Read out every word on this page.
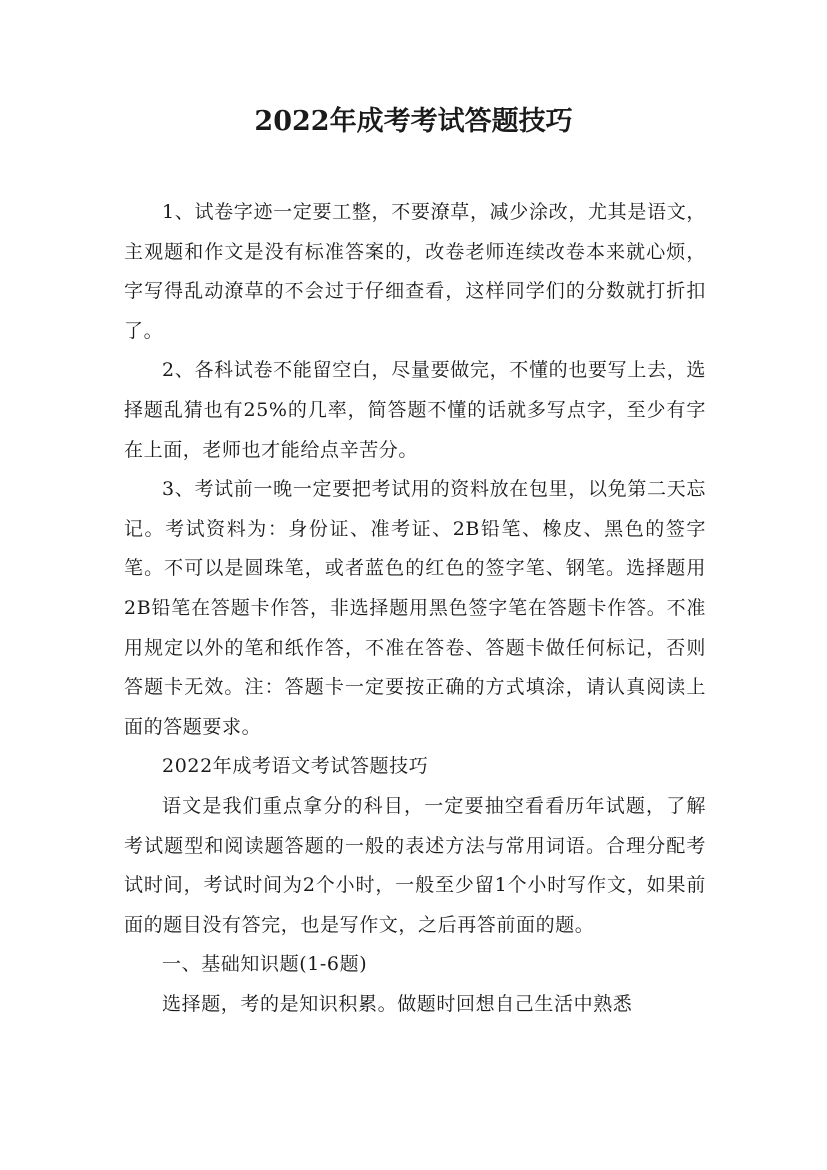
2022年成考考试答题技巧

1、试卷字迹一定要工整，不要潦草，减少涂改，尤其是语文，主观题和作文是没有标准答案的，改卷老师连续改卷本来就心烦，字写得乱动潦草的不会过于仔细查看，这样同学们的分数就打折扣了。

2、各科试卷不能留空白，尽量要做完，不懂的也要写上去，选择题乱猜也有25%的几率，简答题不懂的话就多写点字，至少有字在上面，老师也才能给点辛苦分。

3、考试前一晚一定要把考试用的资料放在包里，以免第二天忘记。考试资料为：身份证、准考证、2B铅笔、橡皮、黑色的签字笔。不可以是圆珠笔，或者蓝色的红色的签字笔、钢笔。选择题用2B铅笔在答题卡作答，非选择题用黑色签字笔在答题卡作答。不准用规定以外的笔和纸作答，不准在答卷、答题卡做任何标记，否则答题卡无效。注：答题卡一定要按正确的方式填涂，请认真阅读上面的答题要求。

2022年成考语文考试答题技巧

语文是我们重点拿分的科目，一定要抽空看看历年试题，了解考试题型和阅读题答题的一般的表述方法与常用词语。合理分配考试时间，考试时间为2个小时，一般至少留1个小时写作文，如果前面的题目没有答完，也是写作文，之后再答前面的题。

一、基础知识题(1-6题)

选择题，考的是知识积累。做题时回想自己生活中熟悉
